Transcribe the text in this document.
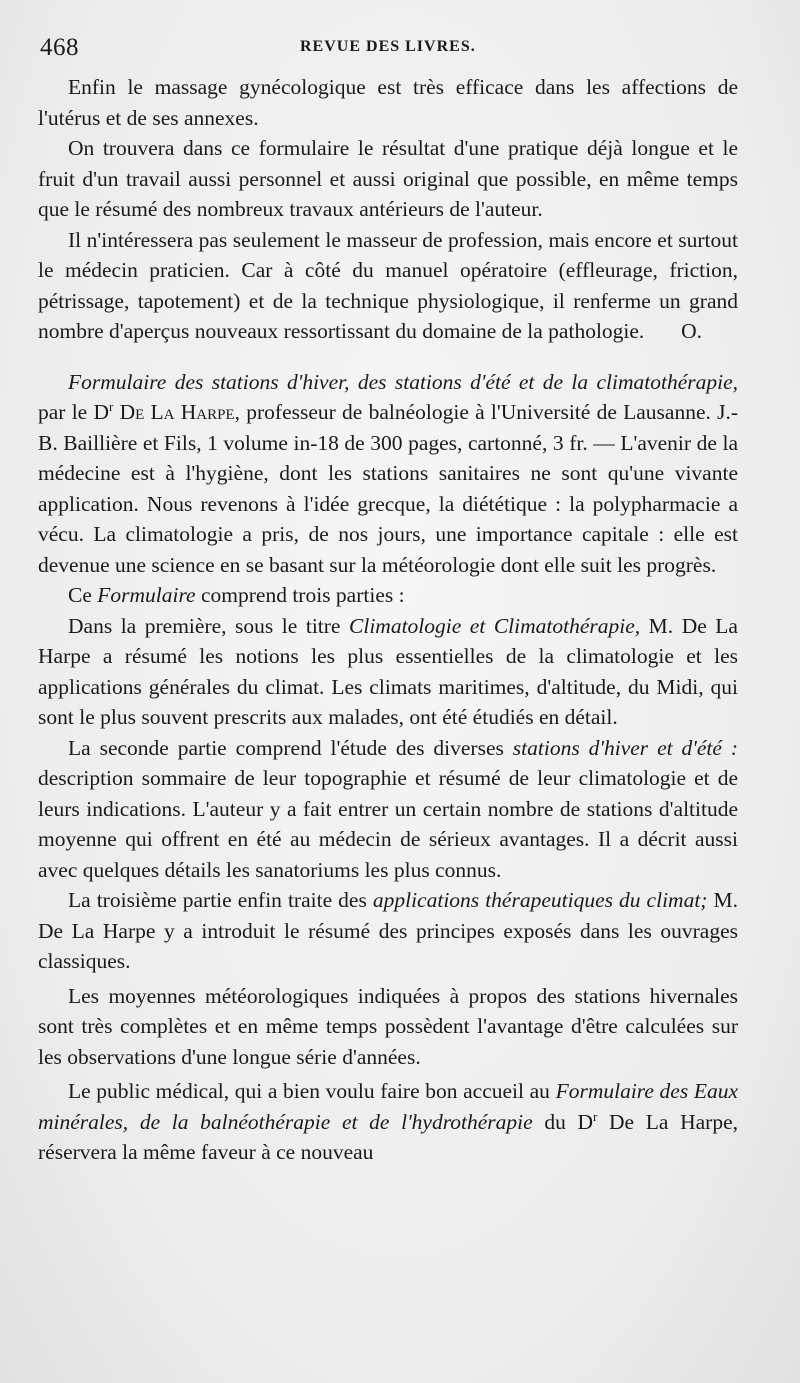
468	REVUE DES LIVRES.

Enfin le massage gynécologique est très efficace dans les affections de l'utérus et de ses annexes.

On trouvera dans ce formulaire le résultat d'une pratique déjà longue et le fruit d'un travail aussi personnel et aussi original que possible, en même temps que le résumé des nombreux travaux antérieurs de l'auteur.

Il n'intéressera pas seulement le masseur de profession, mais encore et surtout le médecin praticien. Car à côté du manuel opératoire (effleurage, friction, pétrissage, tapotement) et de la technique physiologique, il renferme un grand nombre d'aperçus nouveaux ressortissant du domaine de la pathologie.	O.

Formulaire des stations d'hiver, des stations d'été et de la climatothérapie, par le $D^r$ De La Harpe, professeur de balnéologie à l'Université de Lausanne. J.-B. Baillière et Fils, 1 volume in-18 de 300 pages, cartonné, 3 fr. — L'avenir de la médecine est à l'hygiène, dont les stations sanitaires ne sont qu'une vivante application. Nous revenons à l'idée grecque, la diététique : la polypharmacie a vécu. La climatologie a pris, de nos jours, une importance capitale : elle est devenue une science en se basant sur la météorologie dont elle suit les progrès.

Ce Formulaire comprend trois parties :

Dans la première, sous le titre Climatologie et Climatothérapie, M. De La Harpe a résumé les notions les plus essentielles de la climatologie et les applications générales du climat. Les climats maritimes, d'altitude, du Midi, qui sont le plus souvent prescrits aux malades, ont été étudiés en détail.

La seconde partie comprend l'étude des diverses stations d'hiver et d'été : description sommaire de leur topographie et résumé de leur climatologie et de leurs indications. L'auteur y a fait entrer un certain nombre de stations d'altitude moyenne qui offrent en été au médecin de sérieux avantages. Il a décrit aussi avec quelques détails les sanatoriums les plus connus.

La troisième partie enfin traite des applications thérapeutiques du climat; M. De La Harpe y a introduit le résumé des principes exposés dans les ouvrages classiques.

Les moyennes météorologiques indiquées à propos des stations hivernales sont très complètes et en même temps possèdent l'avantage d'être calculées sur les observations d'une longue série d'années.

Le public médical, qui a bien voulu faire bon accueil au Formulaire des Eaux minérales, de la balnéothérapie et de l'hydrothérapie du $D^r$ De La Harpe, réservera la même faveur à ce nouveau
